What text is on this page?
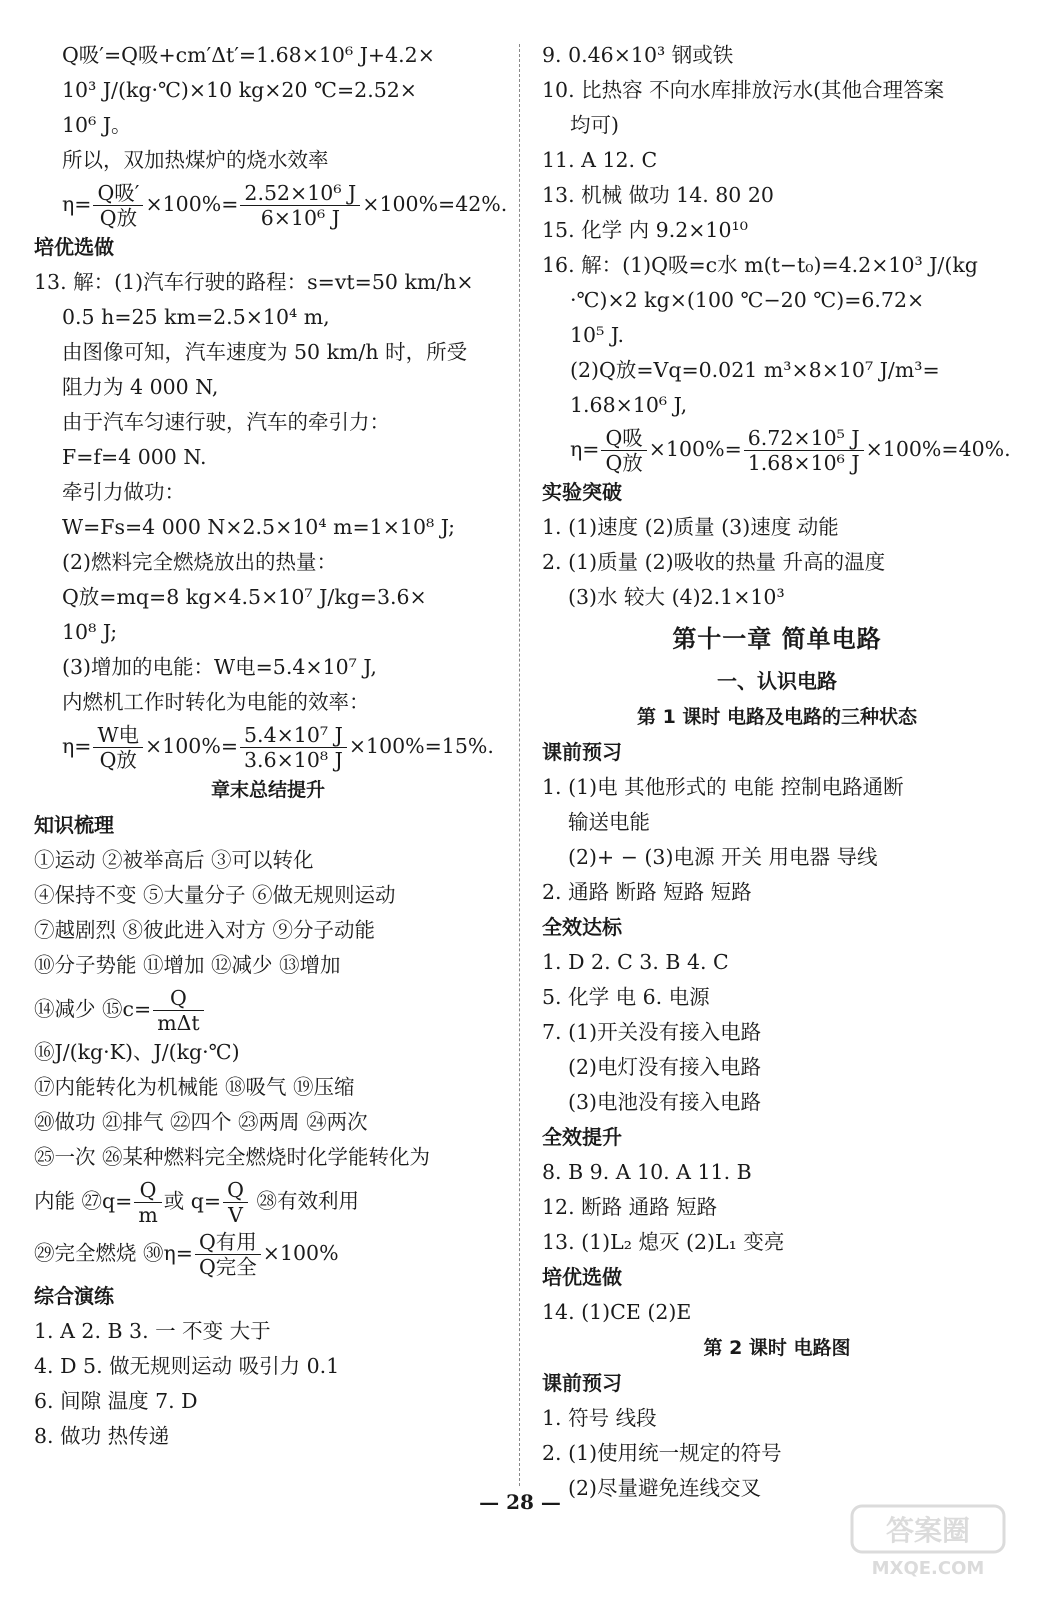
Q吸′=Q吸+cm′Δt′=1.68×10⁶ J+4.2×
10³ J/(kg·℃)×10 kg×20 ℃=2.52×
10⁶ J。
所以，双加热煤炉的烧水效率
$\eta= \frac{\text{Q吸′}}{\text{Q放}} \times 100\%= \frac{\text{2.52×10⁶ J}}{\text{6×10⁶ J}} \times 100\%=42\%$.
培优选做
13. 解：(1)汽车行驶的路程：s=vt=50 km/h×
0.5 h=25 km=2.5×10⁴ m,
由图像可知，汽车速度为 50 km/h 时，所受
阻力为 4 000 N,
由于汽车匀速行驶，汽车的牵引力：
F=f=4 000 N.
牵引力做功：
W=Fs=4 000 N×2.5×10⁴ m=1×10⁸ J;
(2)燃料完全燃烧放出的热量：
Q放=mq=8 kg×4.5×10⁷ J/kg=3.6×
10⁸ J;
(3)增加的电能：W电=5.4×10⁷ J,
内燃机工作时转化为电能的效率：
$\eta= \frac{\text{W电}}{\text{Q放}} \times 100\%= \frac{\text{5.4×10⁷ J}}{\text{3.6×10⁸ J}} \times 100\%=15\%$.
章末总结提升
知识梳理
①运动 ②被举高后 ③可以转化
④保持不变 ⑤大量分子 ⑥做无规则运动
⑦越剧烈 ⑧彼此进入对方 ⑨分子动能
⑩分子势能 ⑪增加 ⑫减少 ⑬增加
⑭减少 ⑮c= $\frac{Q}{\text{mΔt}}$
⑯J/(kg·K)、J/(kg·℃)
⑰内能转化为机械能 ⑱吸气 ⑲压缩
⑳做功 ㉑排气 ㉒四个 ㉓两周 ㉔两次
㉕一次 ㉖某种燃料完全燃烧时化学能转化为
内能 ㉗q= $\frac{Q}{m}$ 或 $q= \frac{Q}{V}$ ㉘有效利用
㉙完全燃烧 ㉚η= $\frac{\text{Q有用}}{\text{Q完全}} \times 100\%$
综合演练
1. A 2. B 3. 一 不变 大于
4. D 5. 做无规则运动 吸引力 0.1
6. 间隙 温度 7. D
8. 做功 热传递
9. 0.46×10³ 钢或铁
10. 比热容 不向水库排放污水(其他合理答案
均可)
11. A 12. C
13. 机械 做功 14. 80 20
15. 化学 内 9.2×10¹⁰
16. 解：(1)Q吸=c水 m(t−t₀)=4.2×10³ J/(kg
·℃)×2 kg×(100 ℃−20 ℃)=6.72×
10⁵ J.
(2)Q放=Vq=0.021 m³×8×10⁷ J/m³=
1.68×10⁶ J,
$\eta= \frac{\text{Q吸}}{\text{Q放}} \times 100\%= \frac{\text{6.72×10⁵ J}}{\text{1.68×10⁶ J}} \times 100\%=40\%$.
实验突破
1. (1)速度 (2)质量 (3)速度 动能
2. (1)质量 (2)吸收的热量 升高的温度
(3)水 较大 (4)2.1×10³
第十一章 简单电路
一、认识电路
第 1 课时 电路及电路的三种状态
课前预习
1. (1)电 其他形式的 电能 控制电路通断
输送电能
(2)+ − (3)电源 开关 用电器 导线
2. 通路 断路 短路 短路
全效达标
1. D 2. C 3. B 4. C
5. 化学 电 6. 电源
7. (1)开关没有接入电路
(2)电灯没有接入电路
(3)电池没有接入电路
全效提升
8. B 9. A 10. A 11. B
12. 断路 通路 短路
13. (1)L₂ 熄灭 (2)L₁ 变亮
培优选做
14. (1)CE (2)E
第 2 课时 电路图
课前预习
1. 符号 线段
2. (1)使用统一规定的符号
(2)尽量避免连线交叉
— 28 —
答案圈
MXQE.COM
